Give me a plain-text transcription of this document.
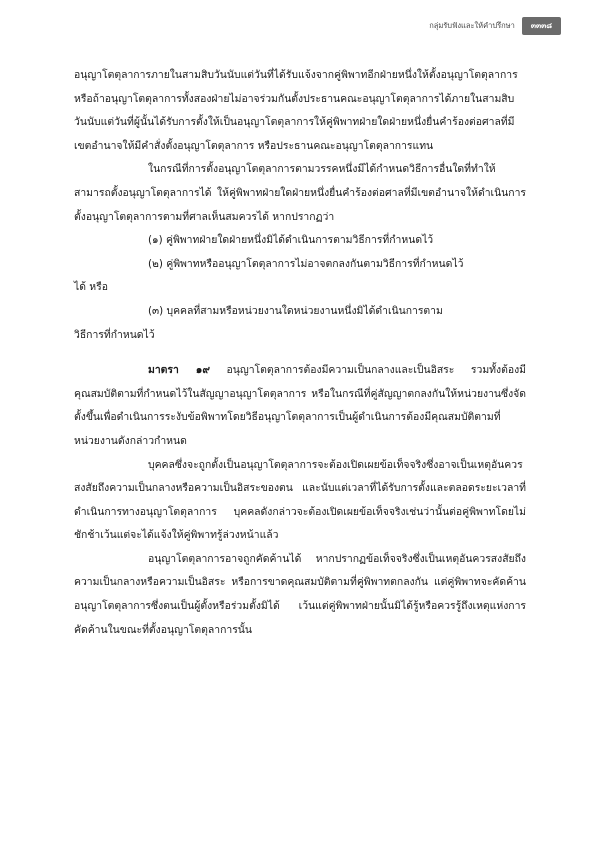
กลุ่มรับฟังและให้คำปรึกษา	๓๓๓๘

อนุญาโตตุลาการภายในสามสิบวันนับแต่วันที่ได้รับแจ้งจากคู่พิพาทอีกฝ่ายหนึ่งให้ตั้งอนุญาโตตุลาการ หรือถ้าอนุญาโตตุลาการทั้งสองฝ่ายไม่อาจร่วมกันตั้งประธานคณะอนุญาโตตุลาการได้ภายในสามสิบวันนับแต่วันที่ผู้นั้นได้รับการตั้งให้เป็นอนุญาโตตุลาการให้คู่พิพาทฝ่ายใดฝ่ายหนึ่งยื่นคำร้องต่อศาลที่มีเขตอำนาจให้มีคำสั่งตั้งอนุญาโตตุลาการ หรือประธานคณะอนุญาโตตุลาการแทน

ในกรณีที่การตั้งอนุญาโตตุลาการตามวรรคหนึ่งมีได้กำหนดวิธีการอื่นใดที่ทำให้สามารถตั้งอนุญาโตตุลาการได้ ให้คู่พิพาทฝ่ายใดฝ่ายหนึ่งยื่นคำร้องต่อศาลที่มีเขตอำนาจให้ดำเนินการตั้งอนุญาโตตุลาการตามที่ศาลเห็นสมควรได้ หากปรากฏว่า

(๑) คู่พิพาทฝ่ายใดฝ่ายหนึ่งมิได้ดำเนินการตามวิธีการที่กำหนดไว้

(๒) คู่พิพาทหรืออนุญาโตตุลาการไม่อาจตกลงกันตามวิธีการที่กำหนดไว้

ได้ หรือ

(๓) บุคคลที่สามหรือหน่วยงานใดหน่วยงานหนึ่งมิได้ดำเนินการตาม

วิธีการที่กำหนดไว้

มาตรา ๑๙ อนุญาโตตุลาการต้องมีความเป็นกลางและเป็นอิสระ รวมทั้งต้องมีคุณสมบัติตามที่กำหนดไว้ในสัญญาอนุญาโตตุลาการ หรือในกรณีที่คู่สัญญาตกลงกันให้หน่วยงานซึ่งจัดตั้งขึ้นเพื่อดำเนินการระงับข้อพิพาทโดยวิธีอนุญาโตตุลาการเป็นผู้ดำเนินการต้องมีคุณสมบัติตามที่หน่วยงานดังกล่าวกำหนด

บุคคลซึ่งจะถูกตั้งเป็นอนุญาโตตุลาการจะต้องเปิดเผยข้อเท็จจริงซึ่งอาจเป็นเหตุอันควรสงสัยถึงความเป็นกลางหรือความเป็นอิสระของตน และนับแต่เวลาที่ได้รับการตั้งและตลอดระยะเวลาที่ดำเนินการทางอนุญาโตตุลาการ บุคคลดังกล่าวจะต้องเปิดเผยข้อเท็จจริงเช่นว่านั้นต่อคู่พิพาทโดยไม่ชักช้าเว้นแต่จะได้แจ้งให้คู่พิพาทรู้ล่วงหน้าแล้ว

อนุญาโตตุลาการอาจถูกคัดค้านได้ หากปรากฏข้อเท็จจริงซึ่งเป็นเหตุอันควรสงสัยถึงความเป็นกลางหรือความเป็นอิสระ หรือการขาดคุณสมบัติตามที่คู่พิพาทตกลงกัน แต่คู่พิพาทจะคัดค้านอนุญาโตตุลาการซึ่งตนเป็นผู้ตั้งหรือร่วมตั้งมิได้ เว้นแต่คู่พิพาทฝ่ายนั้นมิได้รู้หรือควรรู้ถึงเหตุแห่งการคัดค้านในขณะที่ตั้งอนุญาโตตุลาการนั้น
